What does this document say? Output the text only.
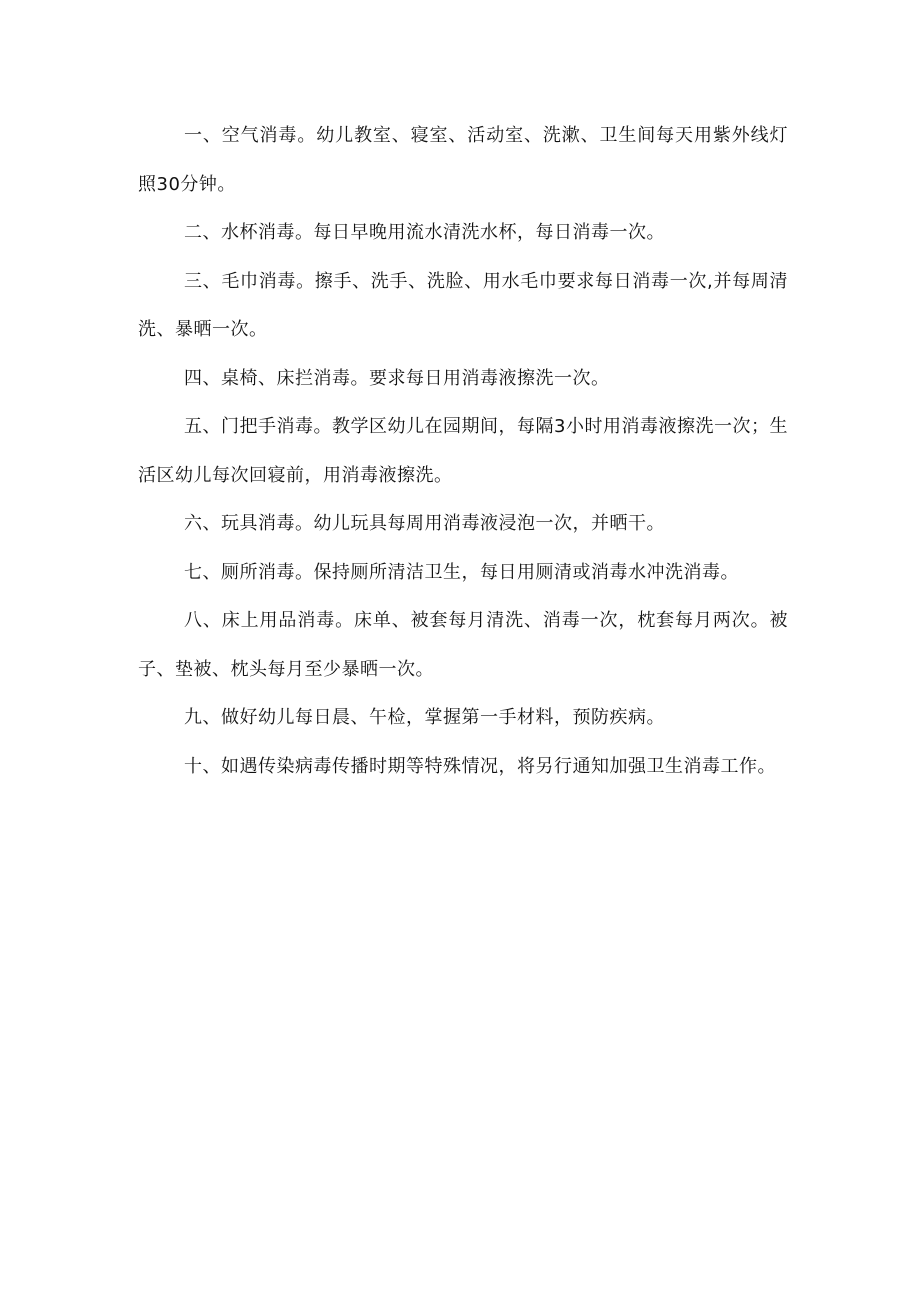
一、空气消毒。幼儿教室、寝室、活动室、洗漱、卫生间每天用紫外线灯照30分钟。

二、水杯消毒。每日早晚用流水清洗水杯，每日消毒一次。

三、毛巾消毒。擦手、洗手、洗脸、用水毛巾要求每日消毒一次,并每周清洗、暴晒一次。

四、桌椅、床拦消毒。要求每日用消毒液擦洗一次。

五、门把手消毒。教学区幼儿在园期间，每隔3小时用消毒液擦洗一次；生活区幼儿每次回寝前，用消毒液擦洗。

六、玩具消毒。幼儿玩具每周用消毒液浸泡一次，并晒干。

七、厕所消毒。保持厕所清洁卫生，每日用厕清或消毒水冲洗消毒。

八、床上用品消毒。床单、被套每月清洗、消毒一次，枕套每月两次。被子、垫被、枕头每月至少暴晒一次。

九、做好幼儿每日晨、午检，掌握第一手材料，预防疾病。

十、如遇传染病毒传播时期等特殊情况，将另行通知加强卫生消毒工作。
